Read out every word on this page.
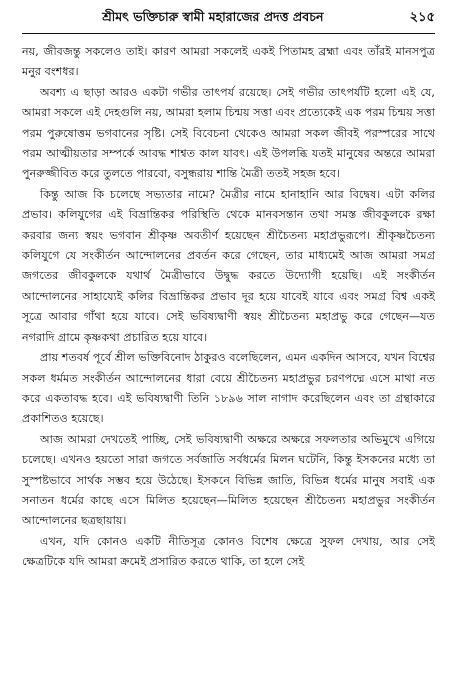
শ্রীমৎ ভক্তিচারু স্বামী মহারাজের প্রদত্ত প্রবচন	২১৫

নয়, জীবজন্তু সকলেও তাই। কারণ আমরা সকলেই একই পিতামহ ব্রহ্মা এবং তাঁরই মানসপুত্র মনুর বংশধর।

অবশ্য এ ছাড়া আরও একটা গভীর তাৎপর্য রয়েছে। সেই গভীর তাৎপর্যটি হলো এই যে, আমরা সকলে এই দেহগুলি নয়, আমরা হলাম চিন্ময় সত্তা এবং প্রত্যেকেই এক পরম চিন্ময় সত্তা পরম পুরুষোত্তম ভগবানের সৃষ্টি। সেই বিবেচনা থেকেও আমরা সকল জীবই পরস্পরের সাথে পরম আত্মীয়তার সম্পর্কে আবদ্ধ শাশ্বত কাল যাবৎ। এই উপলব্ধি যতই মানুষের অন্তরে আমরা পুনরুজ্জীবিত করে তুলতে পারবো, বসুন্ধরায় শান্তি মৈত্রী ততই সহজ হবে।

কিন্তু আজ কি চলেছে সভ্যতার নামে? মৈত্রীর নামে হানাহানি আর বিদ্বেষ। এটা কলির প্রভাব। কলিযুগের এই বিভ্রান্তিকর পরিস্থিতি থেকে মানবসন্তান তথা সমস্ত জীবকুলকে রক্ষা করবার জন্য স্বয়ং ভগবান শ্রীকৃষ্ণ অবতীর্ণ হয়েছেন শ্রীচৈতন্য মহাপ্রভুরূপে। শ্রীকৃষ্ণচৈতন্য কলিযুগে যে সংকীর্তন আন্দোলনের প্রবর্তন করে গেছেন, তার মাধ্যমেই আজ আমরা সমগ্র জগতের জীবকুলকে যথার্থ মৈত্রীভাবে উদ্বুদ্ধ করতে উদ্যোগী হয়েছি। এই সংকীর্তন আন্দোলনের সাহায্যেই কলির বিভ্রান্তিকর প্রভাব দূর হয়ে যাবেই যাবে এবং সমগ্র বিশ্ব একই সূত্রে আবার গাঁথা হয়ে যাবে। সেই ভবিষ্যদ্বাণী স্বয়ং শ্রীচৈতন্য মহাপ্রভু করে গেছেন—যত নগরাদি গ্রামে কৃষ্ণকথা প্রচারিত হয়ে যাবে।

প্রায় শতবর্ষ পূর্বে শ্রীল ভক্তিবিনোদ ঠাকুরও বলেছিলেন, এমন একদিন আসবে, যখন বিশ্বের সকল ধর্মমত সংকীর্তন আন্দোলনের ধারা বেয়ে শ্রীচৈতন্য মহাপ্রভুর চরণপদ্মে এসে মাথা নত করে একতাবদ্ধ হবে। এই ভবিষ্যদ্বাণী তিনি ১৮৯৬ সাল নাগাদ করেছিলেন এবং তা গ্রন্থাকারে প্রকাশিতও হয়েছে।

আজ আমরা দেখতেই পাচ্ছি, সেই ভবিষ্যদ্বাণী অক্ষরে অক্ষরে সফলতার অভিমুখে এগিয়ে চলেছে। এখনও হয়তো সারা জগতে সর্বজাতি সর্বধর্মের মিলন ঘটেনি, কিন্তু ইসকনের মধ্যে তা সুস্পষ্টভাবে সার্থক সম্ভব হয়ে উঠেছে। ইসকনে বিভিন্ন জাতি, বিভিন্ন ধর্মের মানুষ সবাই এক সনাতন ধর্মের কাছে এসে মিলিত হয়েছেন—মিলিত হয়েছেন শ্রীচৈতন্য মহাপ্রভুর সংকীর্তন আন্দোলনের ছত্রছায়ায়।

এখন, যদি কোনও একটি নীতিসূত্র কোনও বিশেষ ক্ষেত্রে সুফল দেখায়, আর সেই ক্ষেত্রটিকে যদি আমরা ক্রমেই প্রসারিত করতে থাকি, তা হলে সেই
